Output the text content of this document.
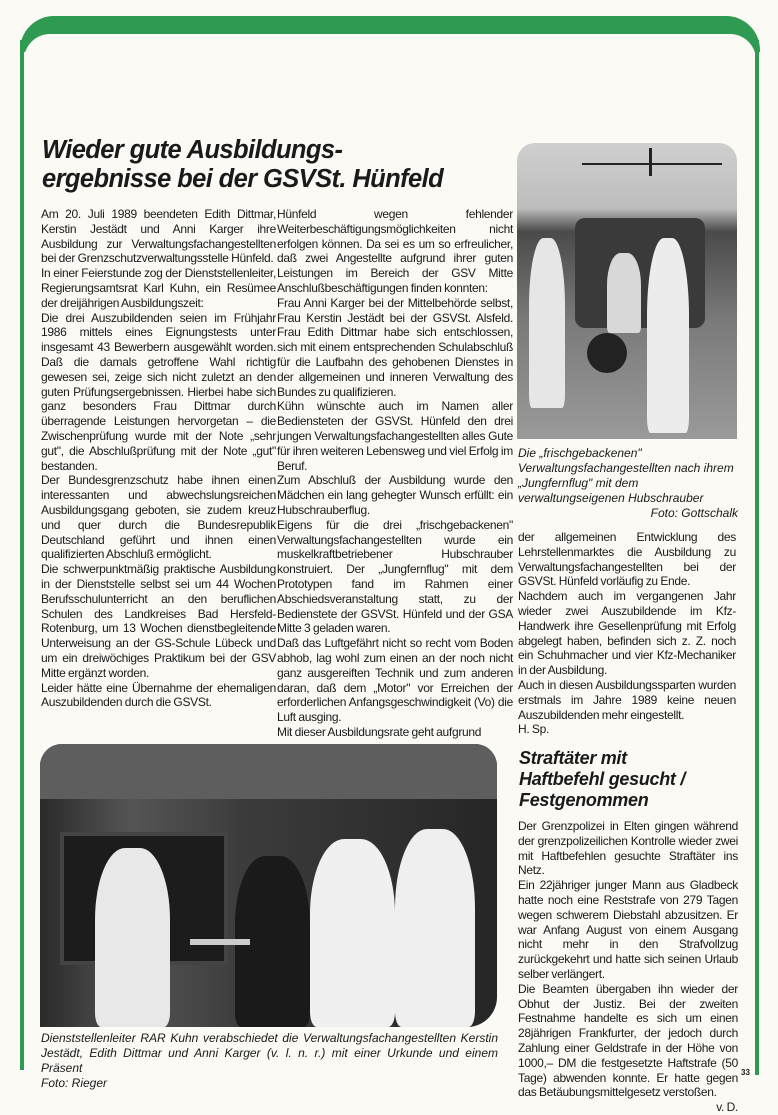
Wieder gute Ausbildungs-
ergebnisse bei der GSVSt. Hünfeld

Am 20. Juli 1989 beendeten Edith Dittmar, Kerstin Jestädt und Anni Karger ihre Ausbildung zur Verwaltungsfachangestellten bei der Grenzschutzverwaltungsstelle Hünfeld.

In einer Feierstunde zog der Dienststellenleiter, Regierungsamtsrat Karl Kuhn, ein Resümee der dreijährigen Ausbildungszeit:

Die drei Auszubildenden seien im Frühjahr 1986 mittels eines Eignungstests unter insgesamt 43 Bewerbern ausgewählt worden. Daß die damals getroffene Wahl richtig gewesen sei, zeige sich nicht zuletzt an den guten Prüfungsergebnissen. Hierbei habe sich ganz besonders Frau Dittmar durch überragende Leistungen hervorgetan – die Zwischenprüfung wurde mit der Note „sehr gut", die Abschlußprüfung mit der Note „gut" bestanden.

Der Bundesgrenzschutz habe ihnen einen interessanten und abwechslungsreichen Ausbildungsgang geboten, sie zudem kreuz und quer durch die Bundesrepublik Deutschland geführt und ihnen einen qualifizierten Abschluß ermöglicht.

Die schwerpunktmäßig praktische Ausbildung in der Dienststelle selbst sei um 44 Wochen Berufsschulunterricht an den beruflichen Schulen des Landkreises Bad Hersfeld-Rotenburg, um 13 Wochen dienstbegleitende Unterweisung an der GS-Schule Lübeck und um ein dreiwöchiges Praktikum bei der GSV Mitte ergänzt worden.

Leider hätte eine Übernahme der ehemaligen Auszubildenden durch die GSVSt.

Hünfeld wegen fehlender Weiterbeschäftigungsmöglichkeiten nicht erfolgen können. Da sei es um so erfreulicher, daß zwei Angestellte aufgrund ihrer guten Leistungen im Bereich der GSV Mitte Anschlußbeschäftigungen finden konnten:

Frau Anni Karger bei der Mittelbehörde selbst, Frau Kerstin Jestädt bei der GSVSt. Alsfeld. Frau Edith Dittmar habe sich entschlossen, sich mit einem entsprechenden Schulabschluß für die Laufbahn des gehobenen Dienstes in der allgemeinen und inneren Verwaltung des Bundes zu qualifizieren.

Kühn wünschte auch im Namen aller Bediensteten der GSVSt. Hünfeld den drei jungen Verwaltungsfachangestellten alles Gute für ihren weiteren Lebensweg und viel Erfolg im Beruf.

Zum Abschluß der Ausbildung wurde den Mädchen ein lang gehegter Wunsch erfüllt: ein Hubschrauberflug.

Eigens für die drei „frischgebackenen" Verwaltungsfachangestellten wurde ein muskelkraftbetriebener Hubschrauber konstruiert. Der „Jungfernflug" mit dem Prototypen fand im Rahmen einer Abschiedsveranstaltung statt, zu der Bedienstete der GSVSt. Hünfeld und der GSA Mitte 3 geladen waren.

Daß das Luftgefährt nicht so recht vom Boden abhob, lag wohl zum einen an der noch nicht ganz ausgereiften Technik und zum anderen daran, daß dem „Motor" vor Erreichen der erforderlichen Anfangsgeschwindigkeit (Vo) die Luft ausging.

Mit dieser Ausbildungsrate geht aufgrund

Die „frischgebackenen" Verwaltungsfachangestellten nach ihrem „Jungfernflug" mit dem verwaltungseigenen Hubschrauber
Foto: Gottschalk

der allgemeinen Entwicklung des Lehrstellenmarktes die Ausbildung zu Verwaltungsfachangestellten bei der GSVSt. Hünfeld vorläufig zu Ende.

Nachdem auch im vergangenen Jahr wieder zwei Auszubildende im Kfz-Handwerk ihre Gesellenprüfung mit Erfolg abgelegt haben, befinden sich z. Z. noch ein Schuhmacher und vier Kfz-Mechaniker in der Ausbildung.

Auch in diesen Ausbildungssparten wurden erstmals im Jahre 1989 keine neuen Auszubildenden mehr eingestellt.

H. Sp.

Dienststellenleiter RAR Kuhn verabschiedet die Verwaltungsfachangestellten Kerstin Jestädt, Edith Dittmar und Anni Karger (v. l. n. r.) mit einer Urkunde und einem Präsent
Foto: Rieger
Straftäter mit
Haftbefehl gesucht /
Festgenommen

Der Grenzpolizei in Elten gingen während der grenzpolizeilichen Kontrolle wieder zwei mit Haftbefehlen gesuchte Straftäter ins Netz.

Ein 22jähriger junger Mann aus Gladbeck hatte noch eine Reststrafe von 279 Tagen wegen schwerem Diebstahl abzusitzen. Er war Anfang August von einem Ausgang nicht mehr in den Strafvollzug zurückgekehrt und hatte sich seinen Urlaub selber verlängert.

Die Beamten übergaben ihn wieder der Obhut der Justiz. Bei der zweiten Festnahme handelte es sich um einen 28jährigen Frankfurter, der jedoch durch Zahlung einer Geldstrafe in der Höhe von 1000,– DM die festgesetzte Haftstrafe (50 Tage) abwenden konnte. Er hatte gegen das Betäubungsmittelgesetz verstoßen.
v. D.

33
